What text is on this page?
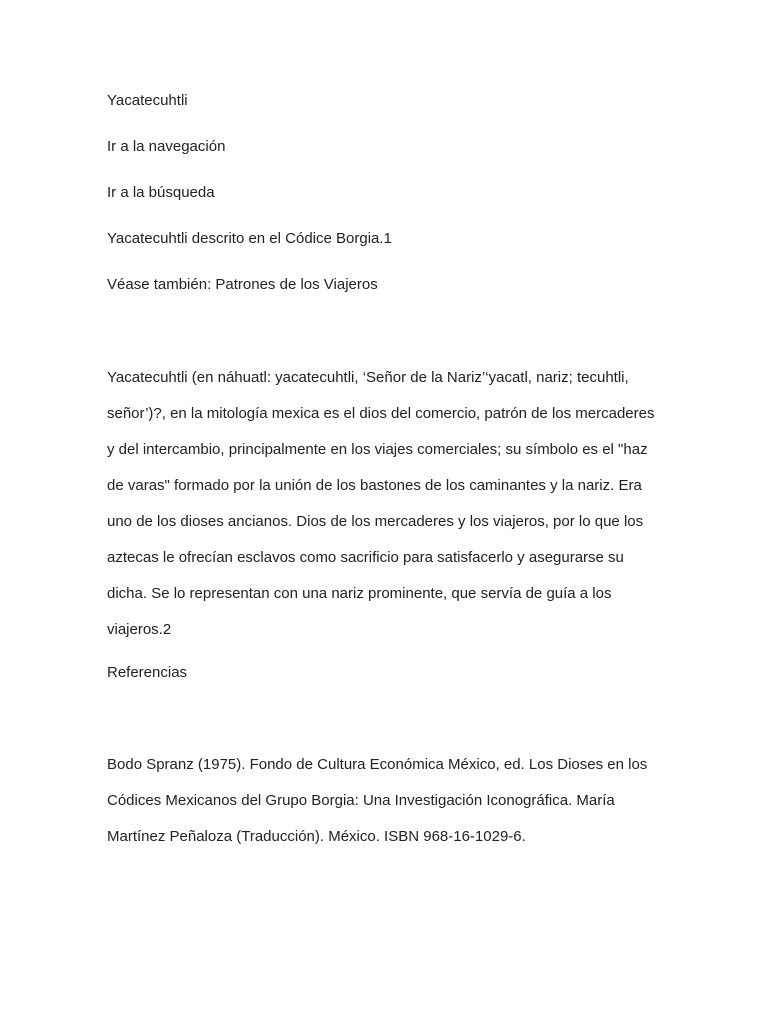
Yacatecuhtli
Ir a la navegación
Ir a la búsqueda
Yacatecuhtli descrito en el Códice Borgia.1
Véase también: Patrones de los Viajeros
Yacatecuhtli (en náhuatl: yacatecuhtli, ‘Señor de la Nariz’‘yacatl, nariz; tecuhtli,
señor’)?, en la mitología mexica es el dios del comercio, patrón de los mercaderes
y del intercambio, principalmente en los viajes comerciales; su símbolo es el "haz
de varas" formado por la unión de los bastones de los caminantes y la nariz. Era
uno de los dioses ancianos. Dios de los mercaderes y los viajeros, por lo que los
aztecas le ofrecían esclavos como sacrificio para satisfacerlo y asegurarse su
dicha. Se lo representan con una nariz prominente, que servía de guía a los
viajeros.2
Referencias
Bodo Spranz (1975). Fondo de Cultura Económica México, ed. Los Dioses en los
Códices Mexicanos del Grupo Borgia: Una Investigación Iconográfica. María
Martínez Peñaloza (Traducción). México. ISBN 968-16-1029-6.
